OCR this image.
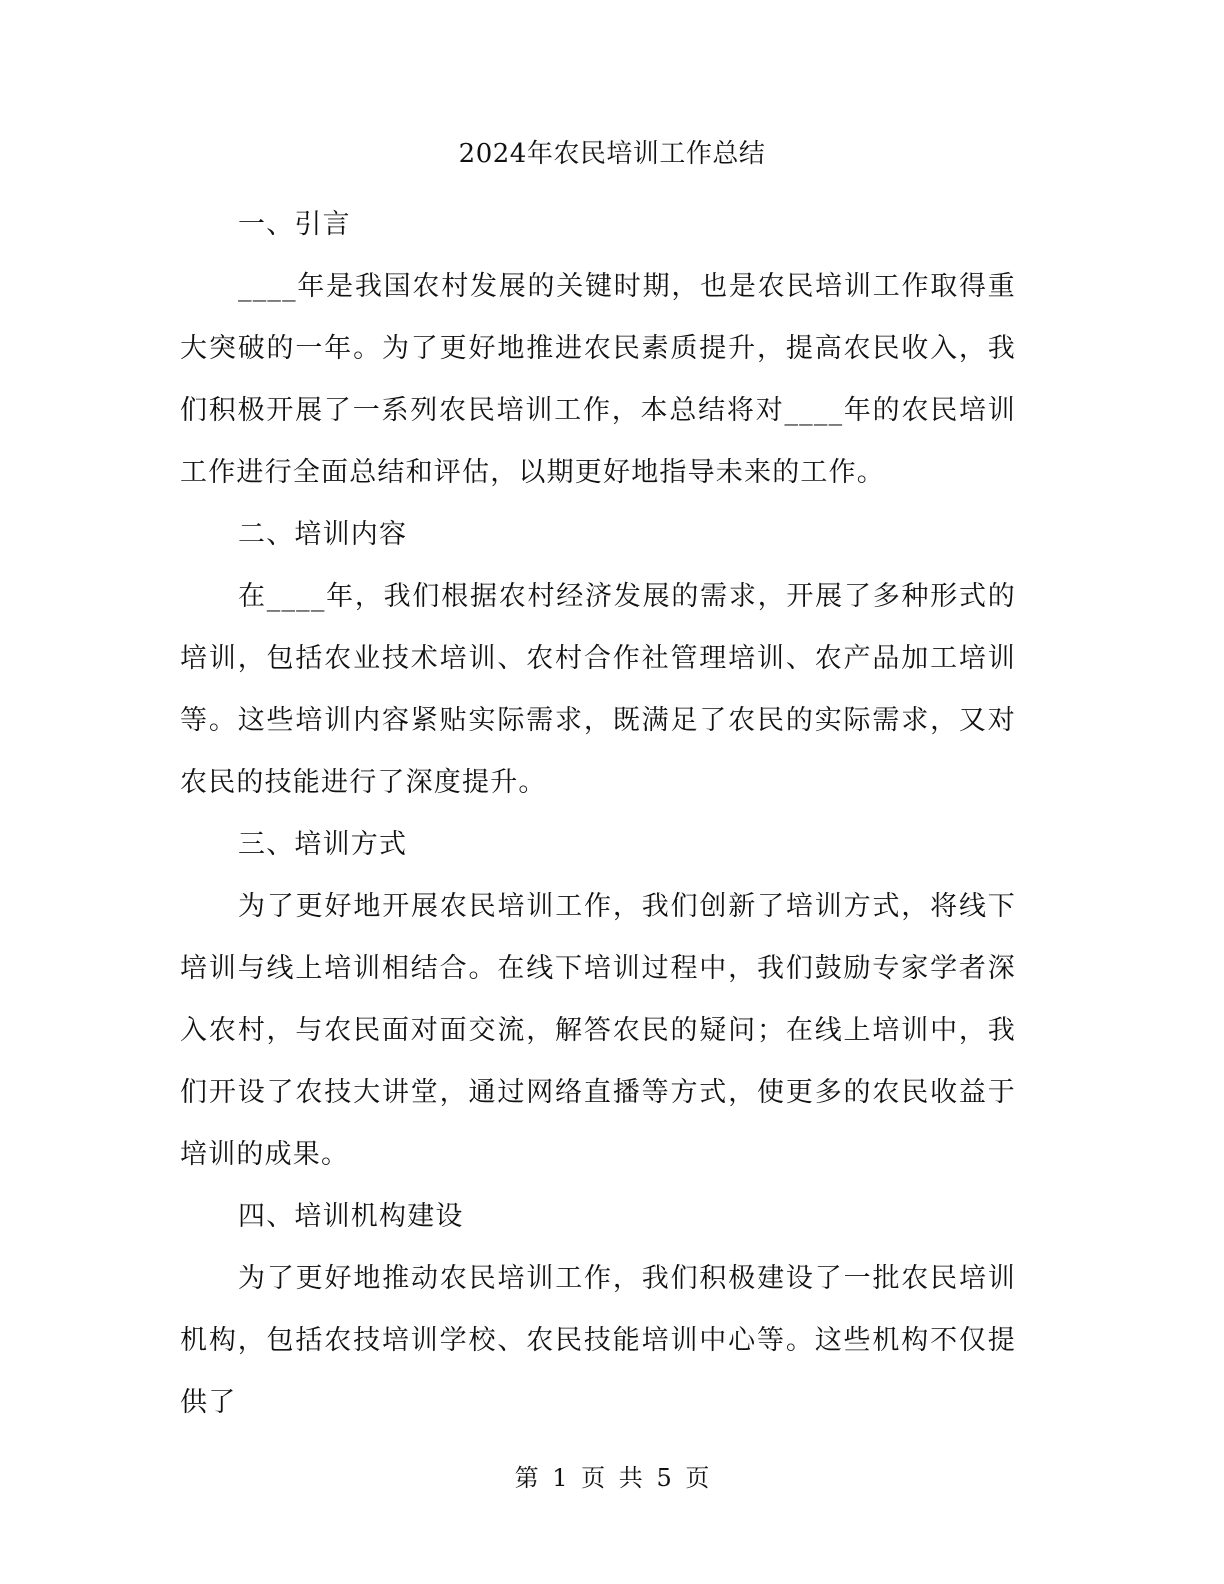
2024年农民培训工作总结

一、引言

____年是我国农村发展的关键时期，也是农民培训工作取得重大突破的一年。为了更好地推进农民素质提升，提高农民收入，我们积极开展了一系列农民培训工作，本总结将对____年的农民培训工作进行全面总结和评估，以期更好地指导未来的工作。

二、培训内容

在____年，我们根据农村经济发展的需求，开展了多种形式的培训，包括农业技术培训、农村合作社管理培训、农产品加工培训等。这些培训内容紧贴实际需求，既满足了农民的实际需求，又对农民的技能进行了深度提升。

三、培训方式

为了更好地开展农民培训工作，我们创新了培训方式，将线下培训与线上培训相结合。在线下培训过程中，我们鼓励专家学者深入农村，与农民面对面交流，解答农民的疑问；在线上培训中，我们开设了农技大讲堂，通过网络直播等方式，使更多的农民收益于培训的成果。

四、培训机构建设

为了更好地推动农民培训工作，我们积极建设了一批农民培训机构，包括农技培训学校、农民技能培训中心等。这些机构不仅提供了

第 1 页 共 5 页
